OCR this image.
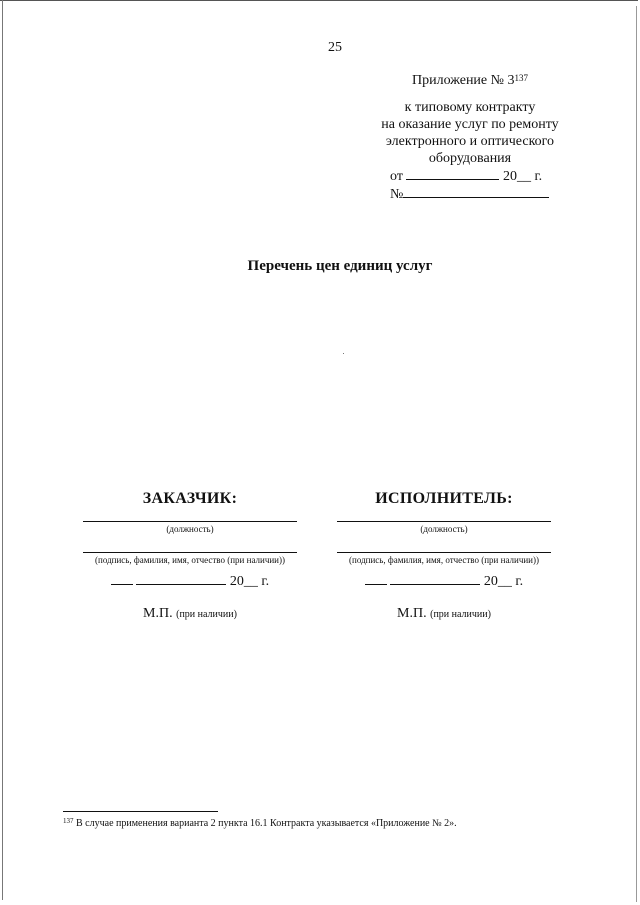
25
Приложение № $3^{137}$
к типовому контракту
на оказание услуг по ремонту
электронного и оптического
оборудования
от	20__ г.
№
Перечень цен единиц услуг
ЗАКАЗЧИК:
(должность)
(подпись, фамилия, имя, отчество (при наличии))
20__ г.
М.П. (при наличии)
ИСПОЛНИТЕЛЬ:
(должность)
(подпись, фамилия, имя, отчество (при наличии))
20__ г.
М.П. (при наличии)
$^{137}$ В случае применения варианта 2 пункта 16.1 Контракта указывается «Приложение № 2».
